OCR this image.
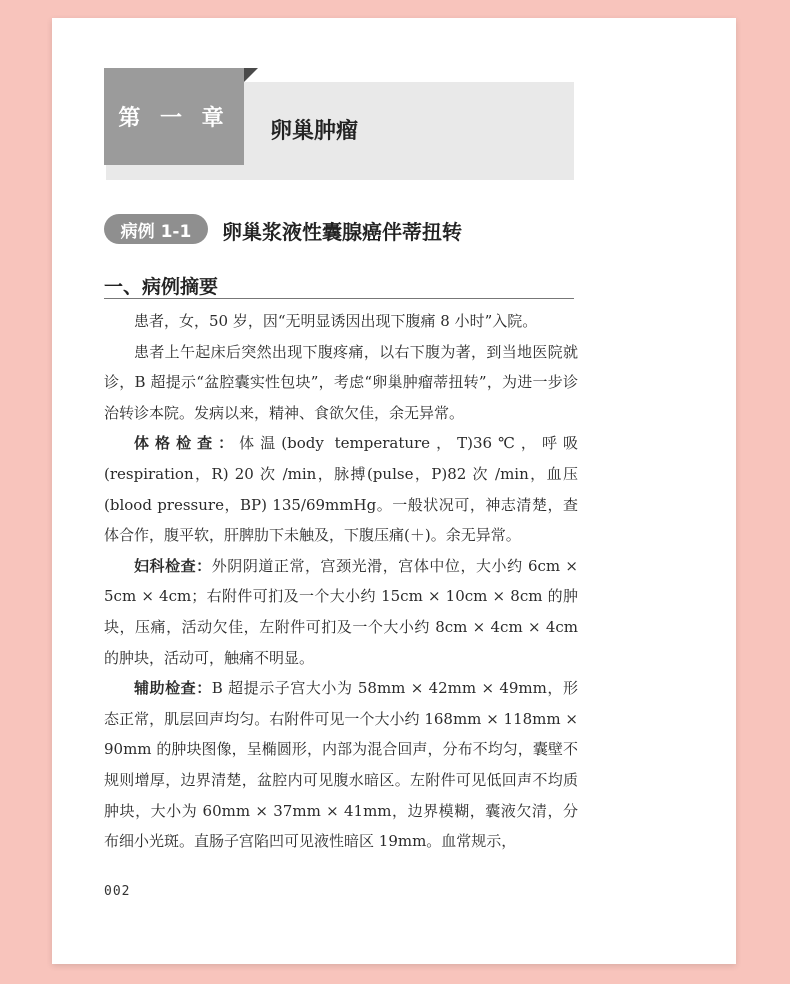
第 一 章
卵巢肿瘤
病例 1-1	卵巢浆液性囊腺癌伴蒂扭转
一、病例摘要

患者，女，50 岁，因“无明显诱因出现下腹痛 8 小时”入院。

患者上午起床后突然出现下腹疼痛，以右下腹为著，到当地医院就诊，B 超提示“盆腔囊实性包块”，考虑“卵巢肿瘤蒂扭转”，为进一步诊治转诊本院。发病以来，精神、食欲欠佳，余无异常。

体格检查：体温(body temperature，T)36℃，呼吸(respiration，R) 20 次 /min，脉搏(pulse，P)82 次 /min，血压(blood pressure，BP) 135/69mmHg。一般状况可，神志清楚，查体合作，腹平软，肝脾肋下未触及，下腹压痛(＋)。余无异常。

妇科检查：外阴阴道正常，宫颈光滑，宫体中位，大小约 6cm × 5cm × 4cm；右附件可扪及一个大小约 15cm × 10cm × 8cm 的肿块，压痛，活动欠佳，左附件可扪及一个大小约 8cm × 4cm × 4cm 的肿块，活动可，触痛不明显。

辅助检查：B 超提示子宫大小为 58mm × 42mm × 49mm，形态正常，肌层回声均匀。右附件可见一个大小约 168mm × 118mm × 90mm 的肿块图像，呈椭圆形，内部为混合回声，分布不均匀，囊壁不规则增厚，边界清楚，盆腔内可见腹水暗区。左附件可见低回声不均质肿块，大小为 60mm × 37mm × 41mm，边界模糊，囊液欠清，分布细小光斑。直肠子宫陷凹可见液性暗区 19mm。血常规示，

002
